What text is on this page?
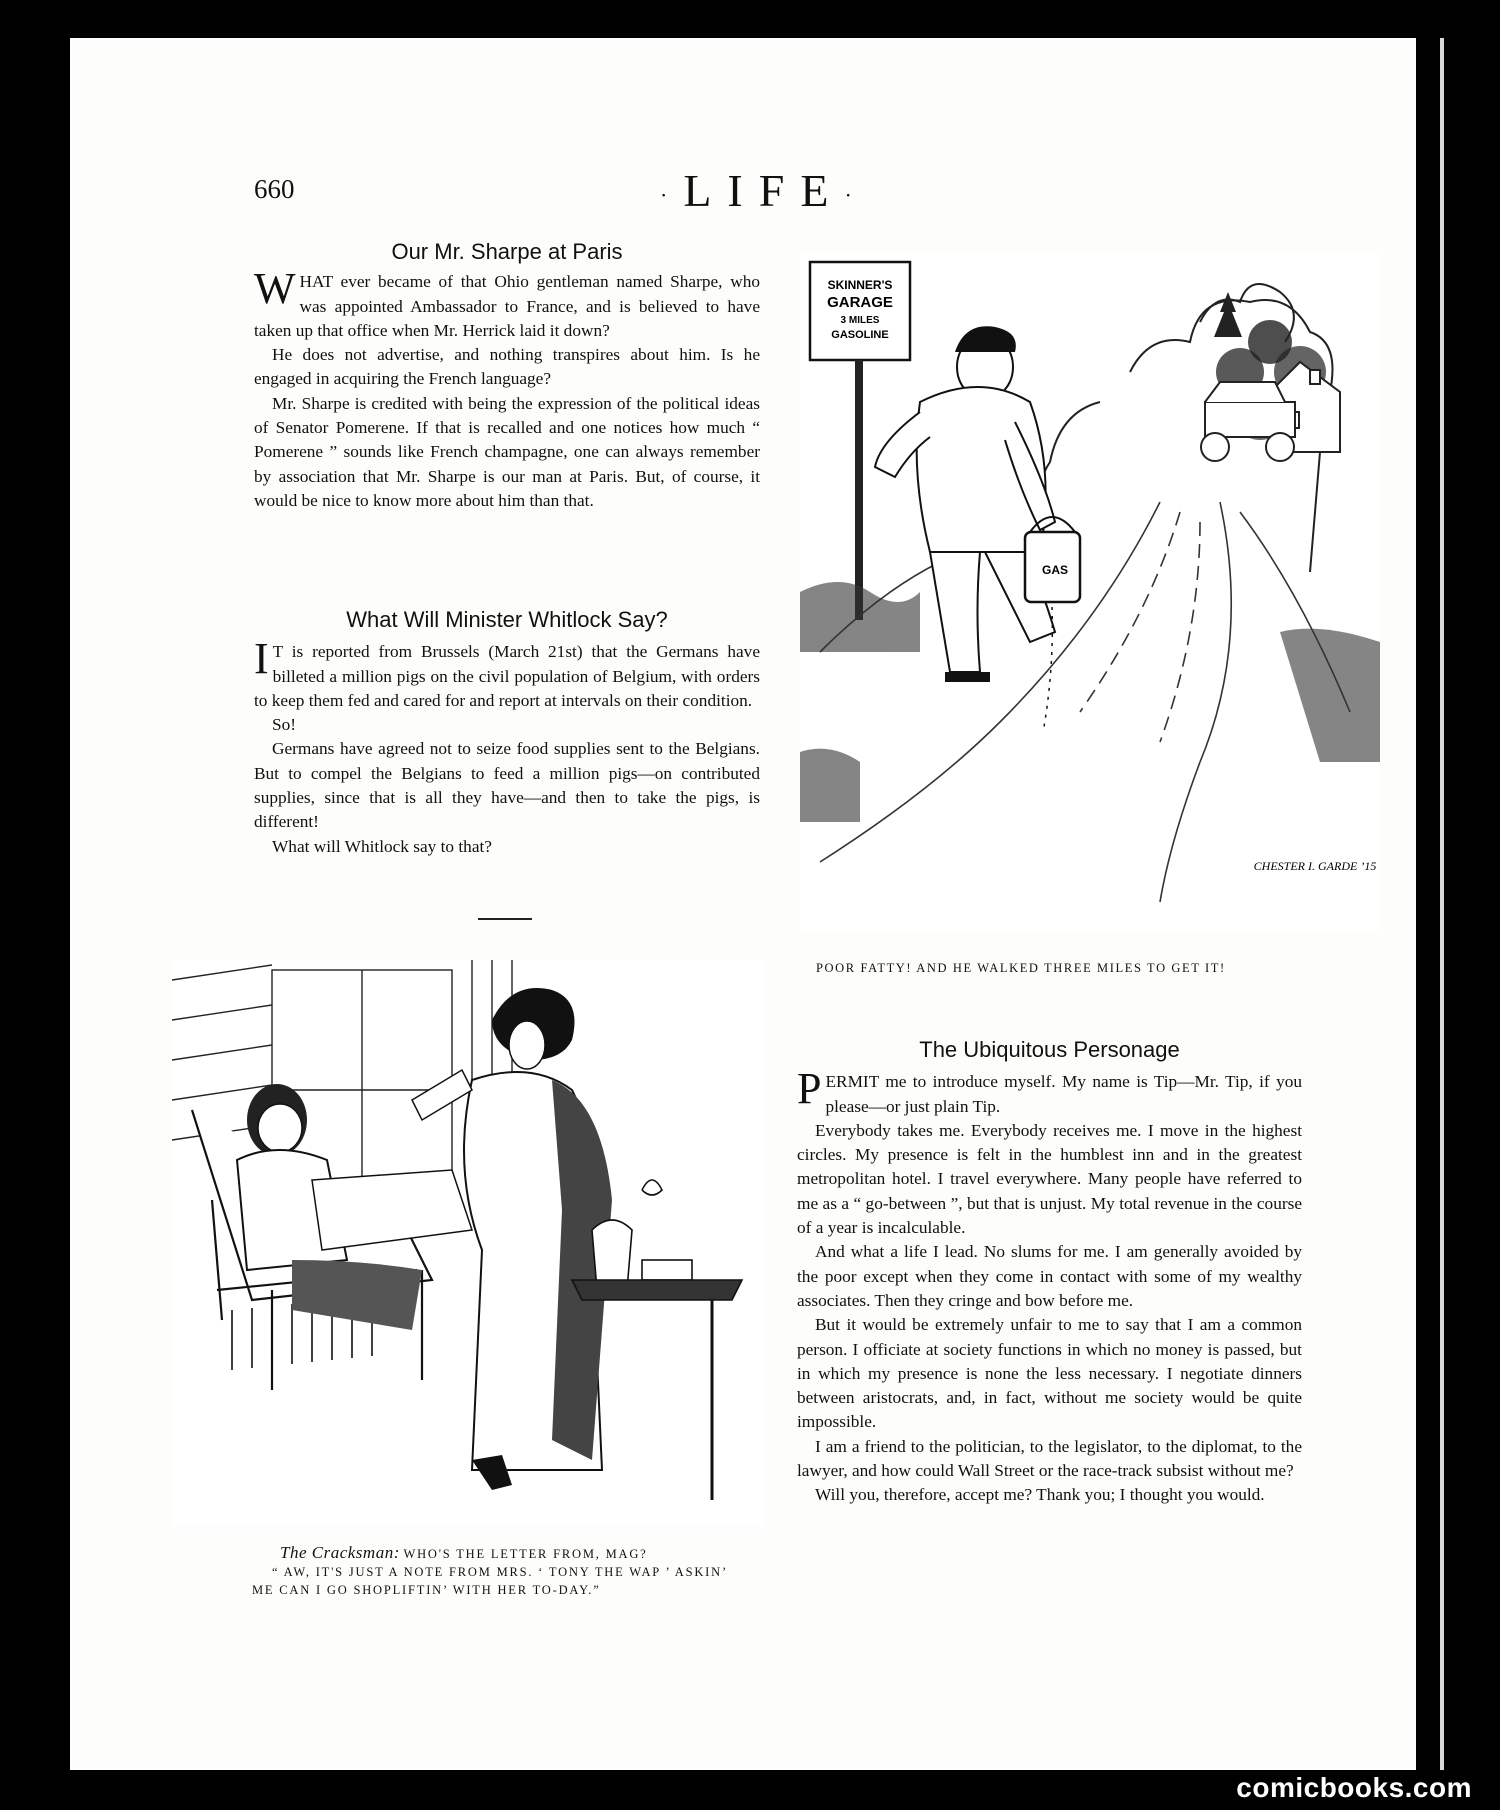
comicbooks.com
660	·LIFE·
Our Mr. Sharpe at Paris

WHAT ever became of that Ohio gentleman named Sharpe, who was appointed Ambassador to France, and is believed to have taken up that office when Mr. Herrick laid it down?

He does not advertise, and nothing transpires about him. Is he engaged in acquiring the French language?

Mr. Sharpe is credited with being the expression of the political ideas of Senator Pomerene. If that is recalled and one notices how much “ Pomerene ” sounds like French champagne, one can always remember by association that Mr. Sharpe is our man at Paris. But, of course, it would be nice to know more about him than that.

What Will Minister Whitlock Say?

I T is reported from Brussels (March 21st) that the Germans have billeted a million pigs on the civil population of Belgium, with orders to keep them fed and cared for and report at intervals on their condition.

So!

Germans have agreed not to seize food supplies sent to the Belgians. But to compel the Belgians to feed a million pigs—on contributed supplies, since that is all they have—and then to take the pigs, is different!

What will Whitlock say to that?

SKINNER'S
GARAGE
3 MILES
GASOLINE
GAS
CHESTER I. GARDE ’15
POOR FATTY! AND HE WALKED THREE MILES TO GET IT!
The Cracksman: WHO'S THE LETTER FROM, MAG?
“ AW, IT'S JUST A NOTE FROM MRS. ‘ TONY THE WAP ’ ASKIN’
ME CAN I GO SHOPLIFTIN’ WITH HER TO-DAY.”
The Ubiquitous Personage

PERMIT me to introduce myself. My name is Tip—Mr. Tip, if you please—or just plain Tip.

Everybody takes me. Everybody receives me. I move in the highest circles. My presence is felt in the humblest inn and in the greatest metropolitan hotel. I travel everywhere. Many people have referred to me as a “ go-between ”, but that is unjust. My total revenue in the course of a year is incalculable.

And what a life I lead. No slums for me. I am generally avoided by the poor except when they come in contact with some of my wealthy associates. Then they cringe and bow before me.

But it would be extremely unfair to me to say that I am a common person. I officiate at society functions in which no money is passed, but in which my presence is none the less necessary. I negotiate dinners between aristocrats, and, in fact, without me society would be quite impossible.

I am a friend to the politician, to the legislator, to the diplomat, to the lawyer, and how could Wall Street or the race-track subsist without me?

Will you, therefore, accept me? Thank you; I thought you would.
